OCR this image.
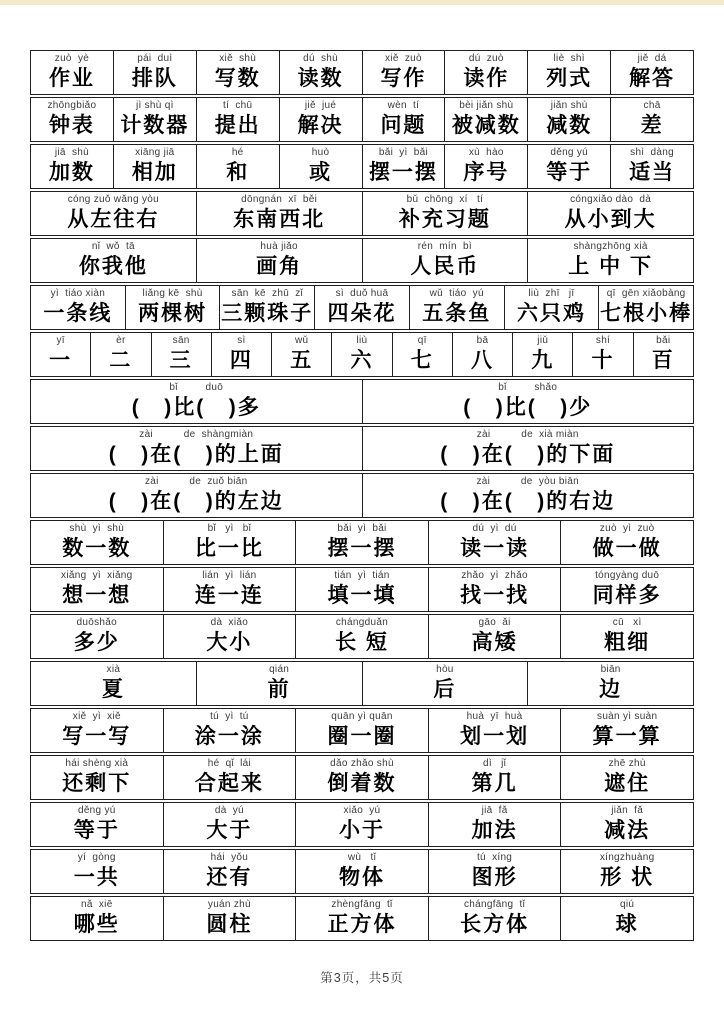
zuò  yè
作业
pái  duì
排队
xiě  shù
写数
dú  shù
读数
xiě  zuò
写作
dú  zuò
读作
liè  shì
列式
jiě  dá
解答
zhōngbiǎo
钟表
jì shù qì
计数器
tí  chū
提出
jiě  jué
解决
wèn  tí
问题
bèi jiǎn shù
被减数
jiǎn shù
减数
chā
差
jiā  shù
加数
xiāng jiā
相加
hé
和
huò
或
bǎi  yì  bǎi
摆一摆
xù  hào
序号
děng yú
等于
shì  dàng
适当
cóng zuǒ wǎng yòu
从左往右
dōngnán  xī  běi
东南西北
bǔ  chōng  xí   tí
补充习题
cóngxiǎo dào  dà
从小到大
nǐ  wǒ  tā
你我他
huà jiǎo
画角
rén  mín  bì
人民币
shàngzhōng xià
上 中 下
yì  tiáo xiàn
一条线
liǎng kē  shù
两棵树
sān  kē  zhū  zǐ
三颗珠子
sì  duǒ huā
四朵花
wǔ  tiáo  yú
五条鱼
liù  zhī   jī
六只鸡
qī  gēn xiǎobàng
七根小棒
yī
一
èr
二
sān
三
sì
四
wǔ
五
liù
六
qī
七
bā
八
jiǔ
九
shí
十
bǎi
百
bǐ         duō
(   )比(   )多
bǐ         shǎo
(   )比(   )少
zài          de  shàngmiàn
(   )在(   )的上面
zài          de  xià miàn
(   )在(   )的下面
zài          de  zuǒ biān
(   )在(   )的左边
zài          de  yòu biān
(   )在(   )的右边
shù  yì  shù
数一数
bǐ   yì   bǐ
比一比
bǎi  yì  bǎi
摆一摆
dú  yì  dú
读一读
zuò  yì  zuò
做一做
xiǎng  yì  xiǎng
想一想
lián  yì  lián
连一连
tián  yì  tián
填一填
zhǎo  yì  zhǎo
找一找
tóngyàng duō
同样多
duōshǎo
多少
dà  xiǎo
大小
chángduǎn
长 短
gāo  ǎi
高矮
cū   xì
粗细
xià
夏
qián
前
hòu
后
biān
边
xiě  yì  xiě
写一写
tú  yì  tú
涂一涂
quān yì quān
圈一圈
huà  yī  huà
划一划
suàn yì suàn
算一算
hái shèng xià
还剩下
hé  qǐ  lái
合起来
dǎo zhǎo shù
倒着数
dì   jǐ
第几
zhē zhù
遮住
děng yú
等于
dà  yú
大于
xiǎo  yú
小于
jiā  fǎ
加法
jiǎn  fǎ
减法
yí  gòng
一共
hái  yǒu
还有
wù   tǐ
物体
tú  xíng
图形
xíngzhuàng
形 状
nǎ  xiē
哪些
yuán zhù
圆柱
zhèngfāng  tǐ
正方体
chángfāng  tǐ
长方体
qiú
球
第3页，共5页
